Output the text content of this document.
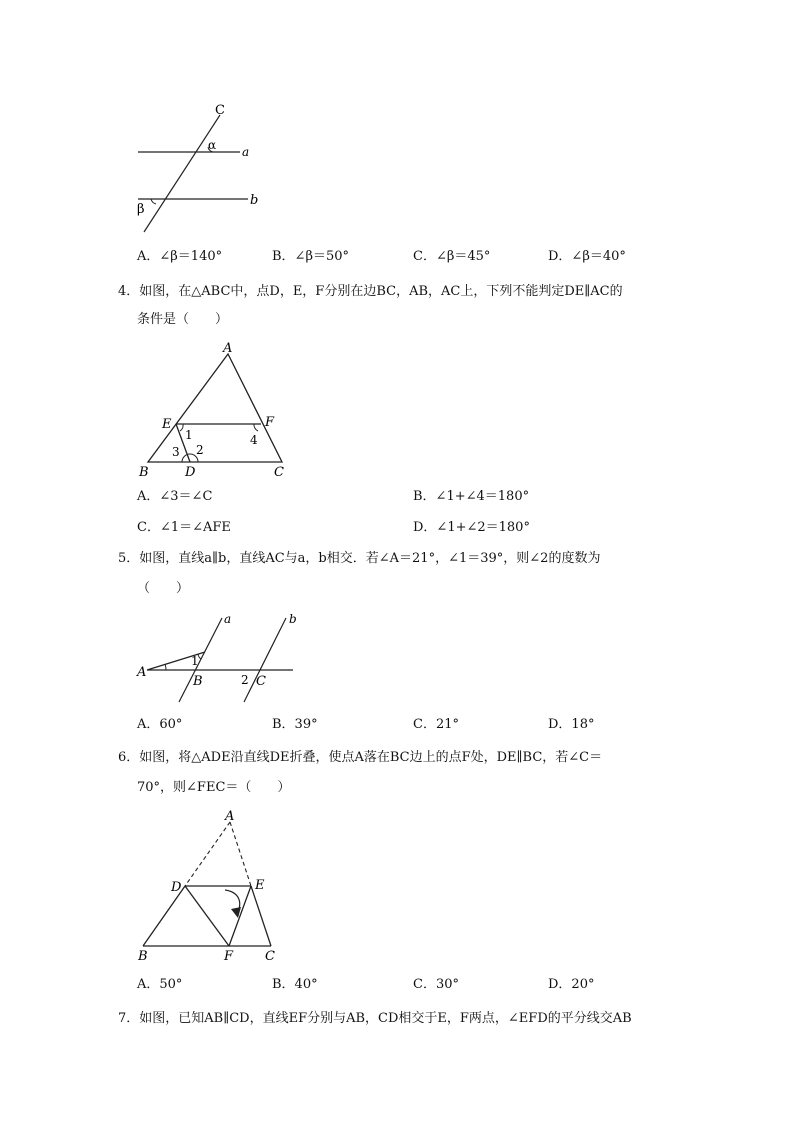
C
α a
b
β
A．∠β＝140°	B．∠β＝50°	C．∠β＝45°	D．∠β＝40°
4．如图，在△ABC中，点D，E，F分别在边BC，AB，AC上，下列不能判定DE∥AC的
条件是（　　）
A
E	F
1	4
2
3
B	D	C
A．∠3＝∠C	B．∠1+∠4＝180°
C．∠1＝∠AFE	D．∠1+∠2＝180°
5．如图，直线a∥b，直线AC与a，b相交．若∠A＝21°，∠1＝39°，则∠2的度数为
（　　）
a	b
A
1
B	2 C
A．60°	B．39°	C．21°	D．18°
6．如图，将△ADE沿直线DE折叠，使点A落在BC边上的点F处，DE∥BC，若∠C＝
70°，则∠FEC＝（　　）
A
D	E
B	F C
A．50°	B．40°	C．30°	D．20°
7．如图，已知AB∥CD，直线EF分别与AB，CD相交于E，F两点，∠EFD的平分线交AB
